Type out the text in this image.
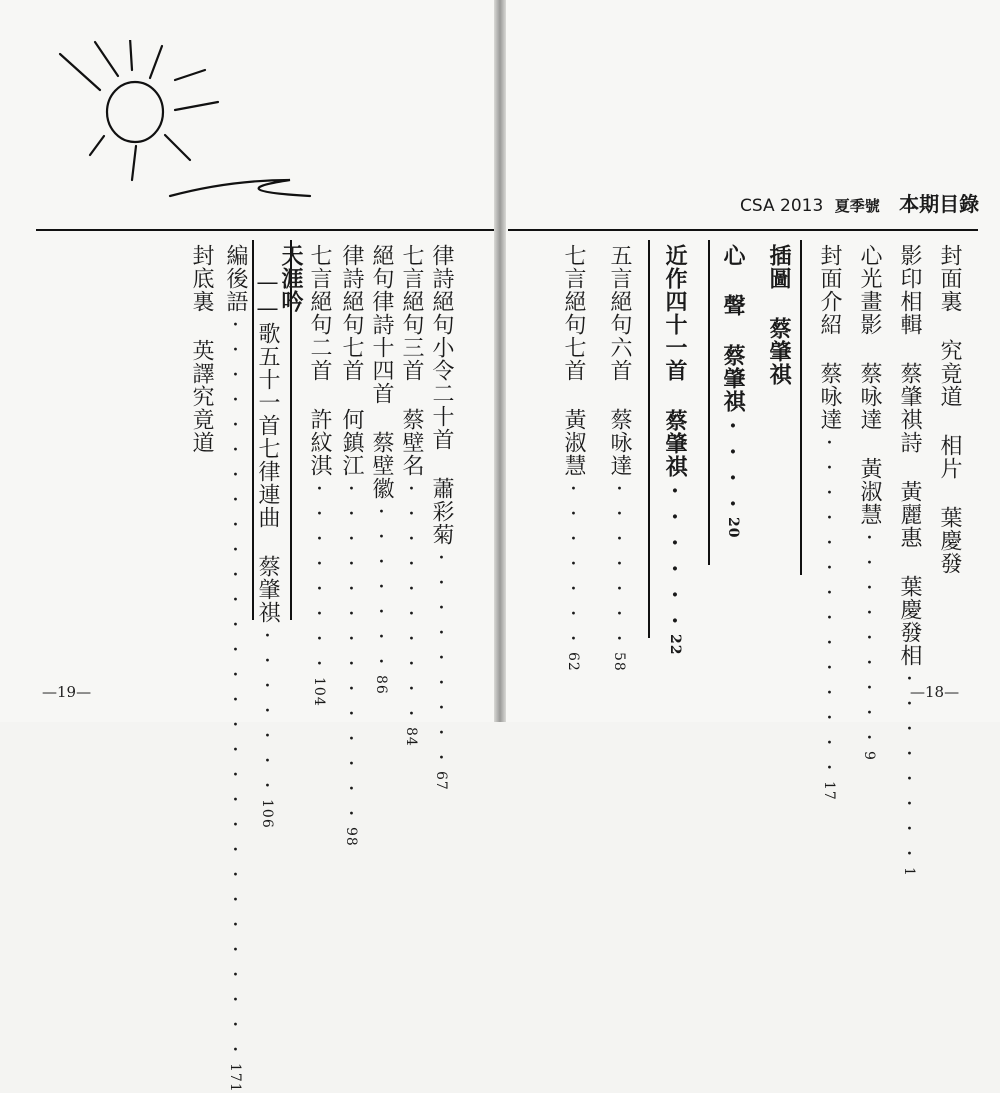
CSA 2013 夏季號 本期目錄
封面裏 究竟道 相片 葉慶發
影印相輯 蔡肇祺詩 黃麗惠 葉慶發相········1
心光畫影 蔡咏達 黃淑慧·········9
封面介紹 蔡咏達··············17
插圖 蔡肇祺
心 聲 蔡肇祺····20
近作四十一首 蔡肇祺······22
五言絕句六首 蔡咏達·······58
七言絕句七首 黃淑慧·······62
律詩絕句小令二十首 蕭彩菊·········67
七言絕句三首 蔡壁名··········84
絕句律詩十四首 蔡壁徽·······86
律詩絕句七首 何鎮江··············98
七言絕句二首 許紋淇········104
天涯吟
——歌五十一首七律連曲 蔡肇祺·······106
編後語······························171
封底裏 英譯究竟道
—19—	—18—
